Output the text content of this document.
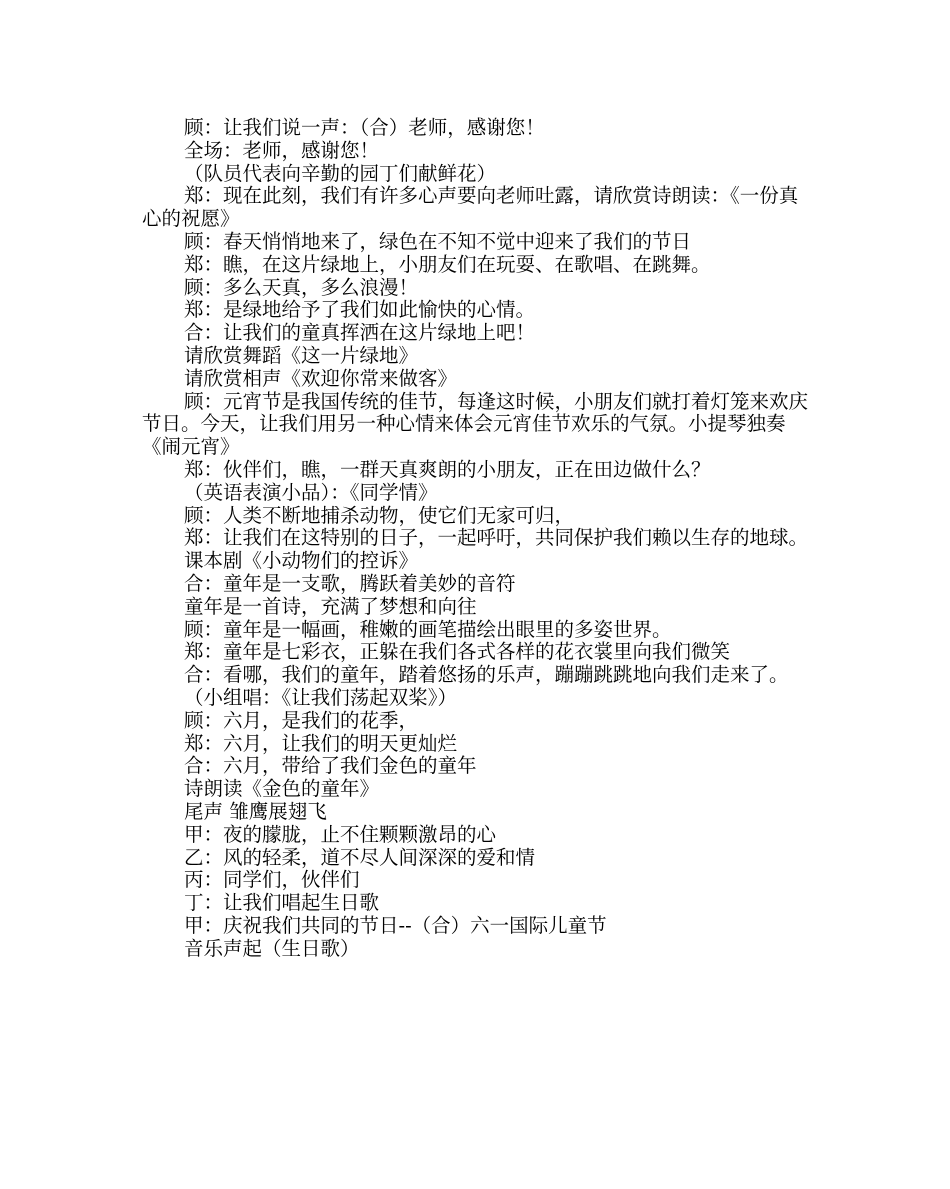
顾：让我们说一声：（合）老师，感谢您！

全场：老师，感谢您！

（队员代表向辛勤的园丁们献鲜花）

郑：现在此刻，我们有许多心声要向老师吐露，请欣赏诗朗读：《一份真心的祝愿》

顾：春天悄悄地来了，绿色在不知不觉中迎来了我们的节日

郑：瞧，在这片绿地上，小朋友们在玩耍、在歌唱、在跳舞。

顾：多么天真，多么浪漫！

郑：是绿地给予了我们如此愉快的心情。

合：让我们的童真挥洒在这片绿地上吧！

请欣赏舞蹈《这一片绿地》

请欣赏相声《欢迎你常来做客》

顾：元宵节是我国传统的佳节，每逢这时候，小朋友们就打着灯笼来欢庆节日。今天，让我们用另一种心情来体会元宵佳节欢乐的气氛。小提琴独奏《闹元宵》

郑：伙伴们，瞧，一群天真爽朗的小朋友，正在田边做什么？

（英语表演小品）：《同学情》

顾：人类不断地捕杀动物，使它们无家可归，

郑：让我们在这特别的日子，一起呼吁，共同保护我们赖以生存的地球。

课本剧《小动物们的控诉》

合：童年是一支歌，腾跃着美妙的音符

童年是一首诗，充满了梦想和向往

顾：童年是一幅画，稚嫩的画笔描绘出眼里的多姿世界。

郑：童年是七彩衣，正躲在我们各式各样的花衣裳里向我们微笑

合：看哪，我们的童年，踏着悠扬的乐声，蹦蹦跳跳地向我们走来了。

（小组唱：《让我们荡起双桨》）

顾：六月，是我们的花季，

郑：六月，让我们的明天更灿烂

合：六月，带给了我们金色的童年

诗朗读《金色的童年》

尾声 雏鹰展翅飞

甲：夜的朦胧，止不住颗颗激昂的心

乙：风的轻柔，道不尽人间深深的爱和情

丙：同学们，伙伴们

丁：让我们唱起生日歌

甲：庆祝我们共同的节日--（合）六一国际儿童节

音乐声起（生日歌）
